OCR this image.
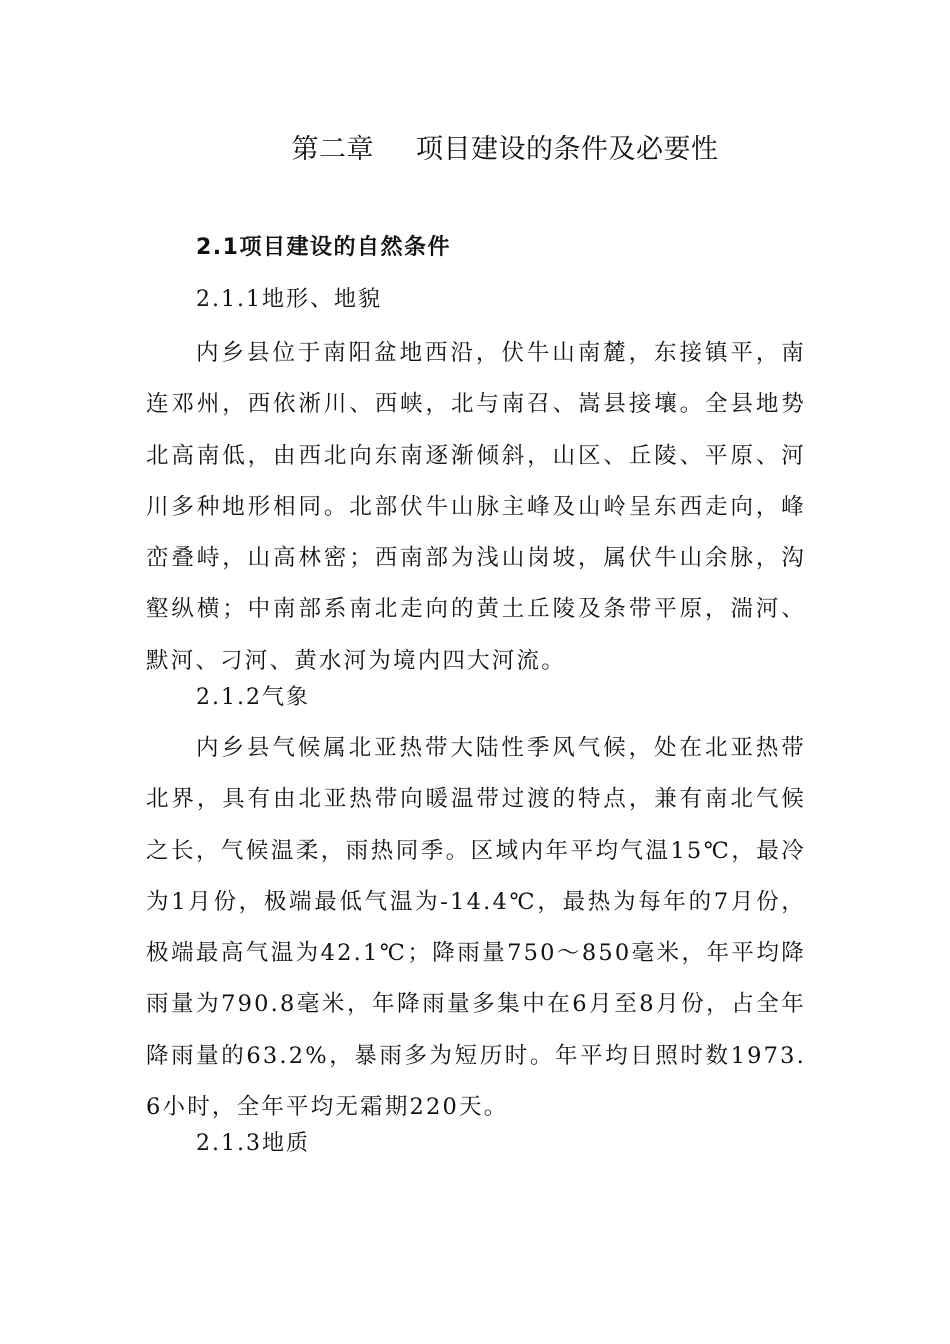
第二章 项目建设的条件及必要性
2.1项目建设的自然条件
2.1.1地形、地貌

内乡县位于南阳盆地西沿，伏牛山南麓，东接镇平，南连邓州，西依淅川、西峡，北与南召、嵩县接壤。全县地势北高南低，由西北向东南逐渐倾斜，山区、丘陵、平原、河川多种地形相同。北部伏牛山脉主峰及山岭呈东西走向，峰峦叠峙，山高林密；西南部为浅山岗坡，属伏牛山余脉，沟壑纵横；中南部系南北走向的黄土丘陵及条带平原，湍河、默河、刁河、黄水河为境内四大河流。

2.1.2气象

内乡县气候属北亚热带大陆性季风气候，处在北亚热带北界，具有由北亚热带向暖温带过渡的特点，兼有南北气候之长，气候温柔，雨热同季。区域内年平均气温15℃，最冷为1月份，极端最低气温为-14.4℃，最热为每年的7月份，极端最高气温为42.1℃；降雨量750～850毫米，年平均降雨量为790.8毫米，年降雨量多集中在6月至8月份，占全年降雨量的63.2%，暴雨多为短历时。年平均日照时数1973.6小时，全年平均无霜期220天。

2.1.3地质
